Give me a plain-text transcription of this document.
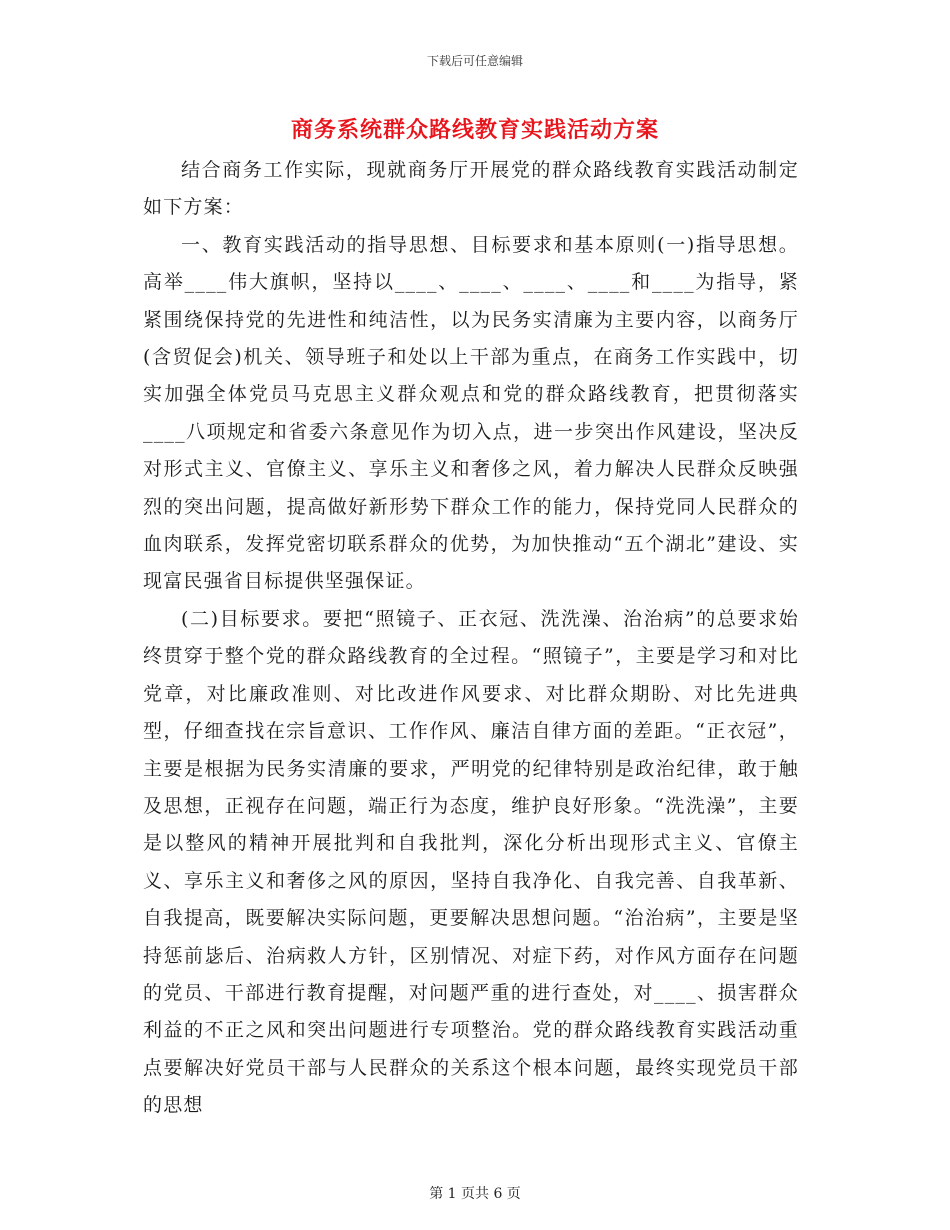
下载后可任意编辑
商务系统群众路线教育实践活动方案

结合商务工作实际，现就商务厅开展党的群众路线教育实践活动制定如下方案：

一、教育实践活动的指导思想、目标要求和基本原则(一)指导思想。高举____伟大旗帜，坚持以____、____、____、____和____为指导，紧紧围绕保持党的先进性和纯洁性，以为民务实清廉为主要内容，以商务厅(含贸促会)机关、领导班子和处以上干部为重点，在商务工作实践中，切实加强全体党员马克思主义群众观点和党的群众路线教育，把贯彻落实____八项规定和省委六条意见作为切入点，进一步突出作风建设，坚决反对形式主义、官僚主义、享乐主义和奢侈之风，着力解决人民群众反映强烈的突出问题，提高做好新形势下群众工作的能力，保持党同人民群众的血肉联系，发挥党密切联系群众的优势，为加快推动“五个湖北”建设、实现富民强省目标提供坚强保证。

(二)目标要求。要把“照镜子、正衣冠、洗洗澡、治治病”的总要求始终贯穿于整个党的群众路线教育的全过程。“照镜子”，主要是学习和对比党章，对比廉政准则、对比改进作风要求、对比群众期盼、对比先进典型，仔细查找在宗旨意识、工作作风、廉洁自律方面的差距。“正衣冠”，主要是根据为民务实清廉的要求，严明党的纪律特别是政治纪律，敢于触及思想，正视存在问题，端正行为态度，维护良好形象。“洗洗澡”，主要是以整风的精神开展批判和自我批判，深化分析出现形式主义、官僚主义、享乐主义和奢侈之风的原因，坚持自我净化、自我完善、自我革新、自我提高，既要解决实际问题，更要解决思想问题。“治治病”，主要是坚持惩前毖后、治病救人方针，区别情况、对症下药，对作风方面存在问题的党员、干部进行教育提醒，对问题严重的进行查处，对____、损害群众利益的不正之风和突出问题进行专项整治。党的群众路线教育实践活动重点要解决好党员干部与人民群众的关系这个根本问题，最终实现党员干部的思想

第 1 页共 6 页
